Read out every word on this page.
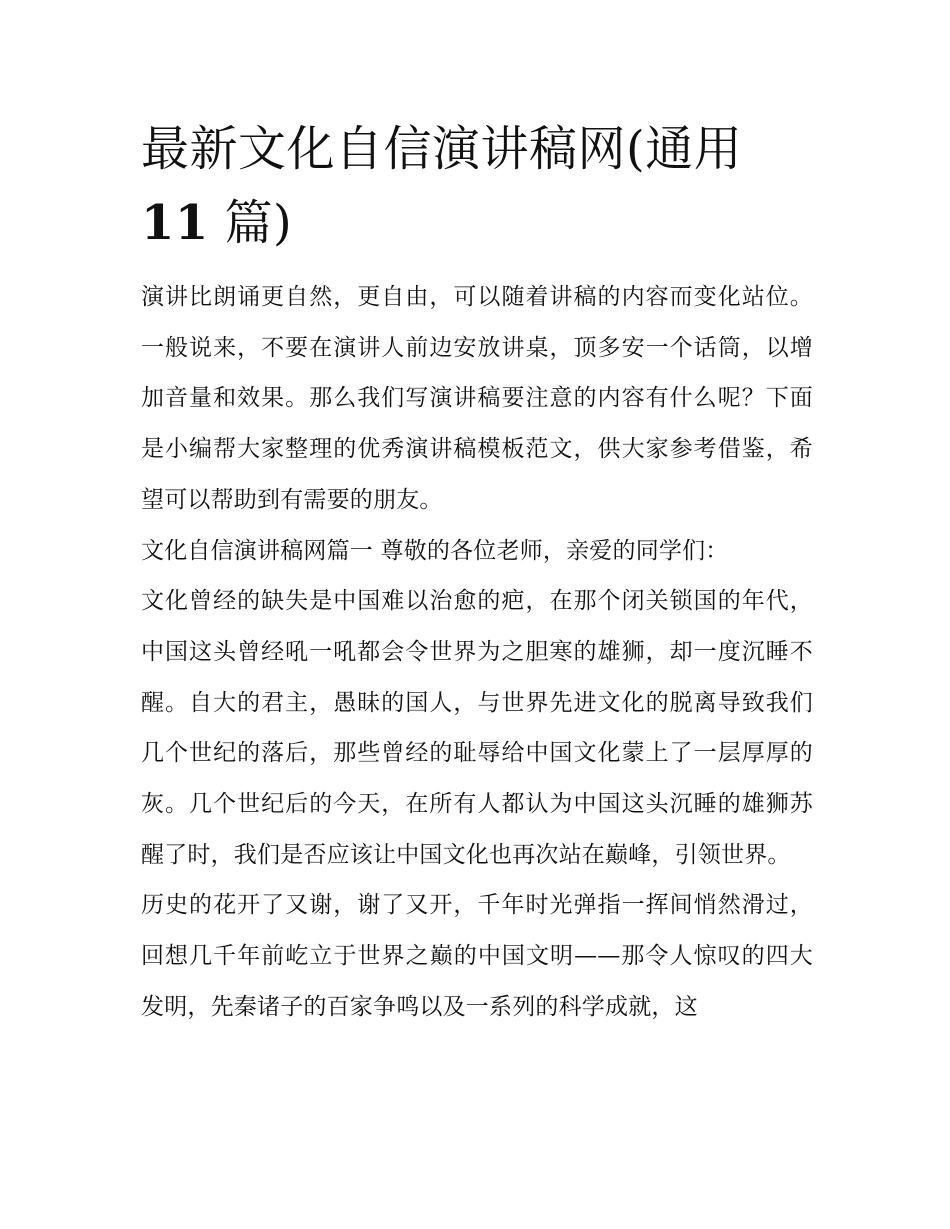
最新文化自信演讲稿网(通用
11 篇)

演讲比朗诵更自然，更自由，可以随着讲稿的内容而变化站位。一般说来，不要在演讲人前边安放讲桌，顶多安一个话筒，以增加音量和效果。那么我们写演讲稿要注意的内容有什么呢？下面是小编帮大家整理的优秀演讲稿模板范文，供大家参考借鉴，希望可以帮助到有需要的朋友。

文化自信演讲稿网篇一 尊敬的各位老师，亲爱的同学们：

文化曾经的缺失是中国难以治愈的疤，在那个闭关锁国的年代，中国这头曾经吼一吼都会令世界为之胆寒的雄狮，却一度沉睡不醒。自大的君主，愚昧的国人，与世界先进文化的脱离导致我们几个世纪的落后，那些曾经的耻辱给中国文化蒙上了一层厚厚的灰。几个世纪后的今天，在所有人都认为中国这头沉睡的雄狮苏醒了时，我们是否应该让中国文化也再次站在巅峰，引领世界。

历史的花开了又谢，谢了又开，千年时光弹指一挥间悄然滑过，回想几千年前屹立于世界之巅的中国文明——那令人惊叹的四大发明，先秦诸子的百家争鸣以及一系列的科学成就，这
